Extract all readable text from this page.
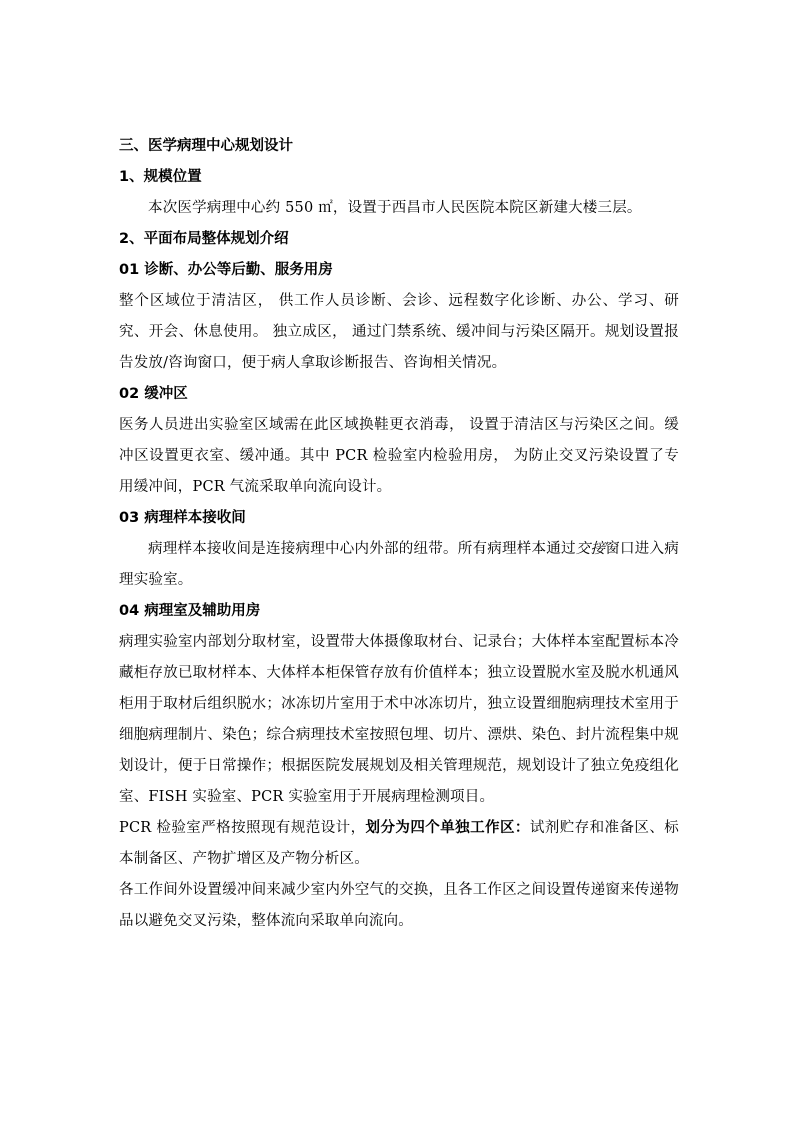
三、医学病理中心规划设计

1、规模位置

本次医学病理中心约 550 ㎡，设置于西昌市人民医院本院区新建大楼三层。

2、平面布局整体规划介绍

01 诊断、办公等后勤、服务用房

整个区域位于清洁区， 供工作人员诊断、会诊、远程数字化诊断、办公、学习、研究、开会、休息使用。 独立成区， 通过门禁系统、缓冲间与污染区隔开。规划设置报告发放/咨询窗口，便于病人拿取诊断报告、咨询相关情况。

02 缓冲区

医务人员进出实验室区域需在此区域换鞋更衣消毒， 设置于清洁区与污染区之间。缓冲区设置更衣室、缓冲通。其中 PCR 检验室内检验用房， 为防止交叉污染设置了专用缓冲间，PCR 气流采取单向流向设计。

03 病理样本接收间

病理样本接收间是连接病理中心内外部的纽带。所有病理样本通过交接窗口进入病理实验室。

04 病理室及辅助用房

病理实验室内部划分取材室，设置带大体摄像取材台、记录台；大体样本室配置标本冷藏柜存放已取材样本、大体样本柜保管存放有价值样本；独立设置脱水室及脱水机通风柜用于取材后组织脱水；冰冻切片室用于术中冰冻切片，独立设置细胞病理技术室用于细胞病理制片、染色；综合病理技术室按照包埋、切片、漂烘、染色、封片流程集中规划设计，便于日常操作；根据医院发展规划及相关管理规范，规划设计了独立免疫组化室、FISH 实验室、PCR 实验室用于开展病理检测项目。

PCR 检验室严格按照现有规范设计，划分为四个单独工作区：试剂贮存和准备区、标本制备区、产物扩增区及产物分析区。

各工作间外设置缓冲间来减少室内外空气的交换，且各工作区之间设置传递窗来传递物品以避免交叉污染，整体流向采取单向流向。
